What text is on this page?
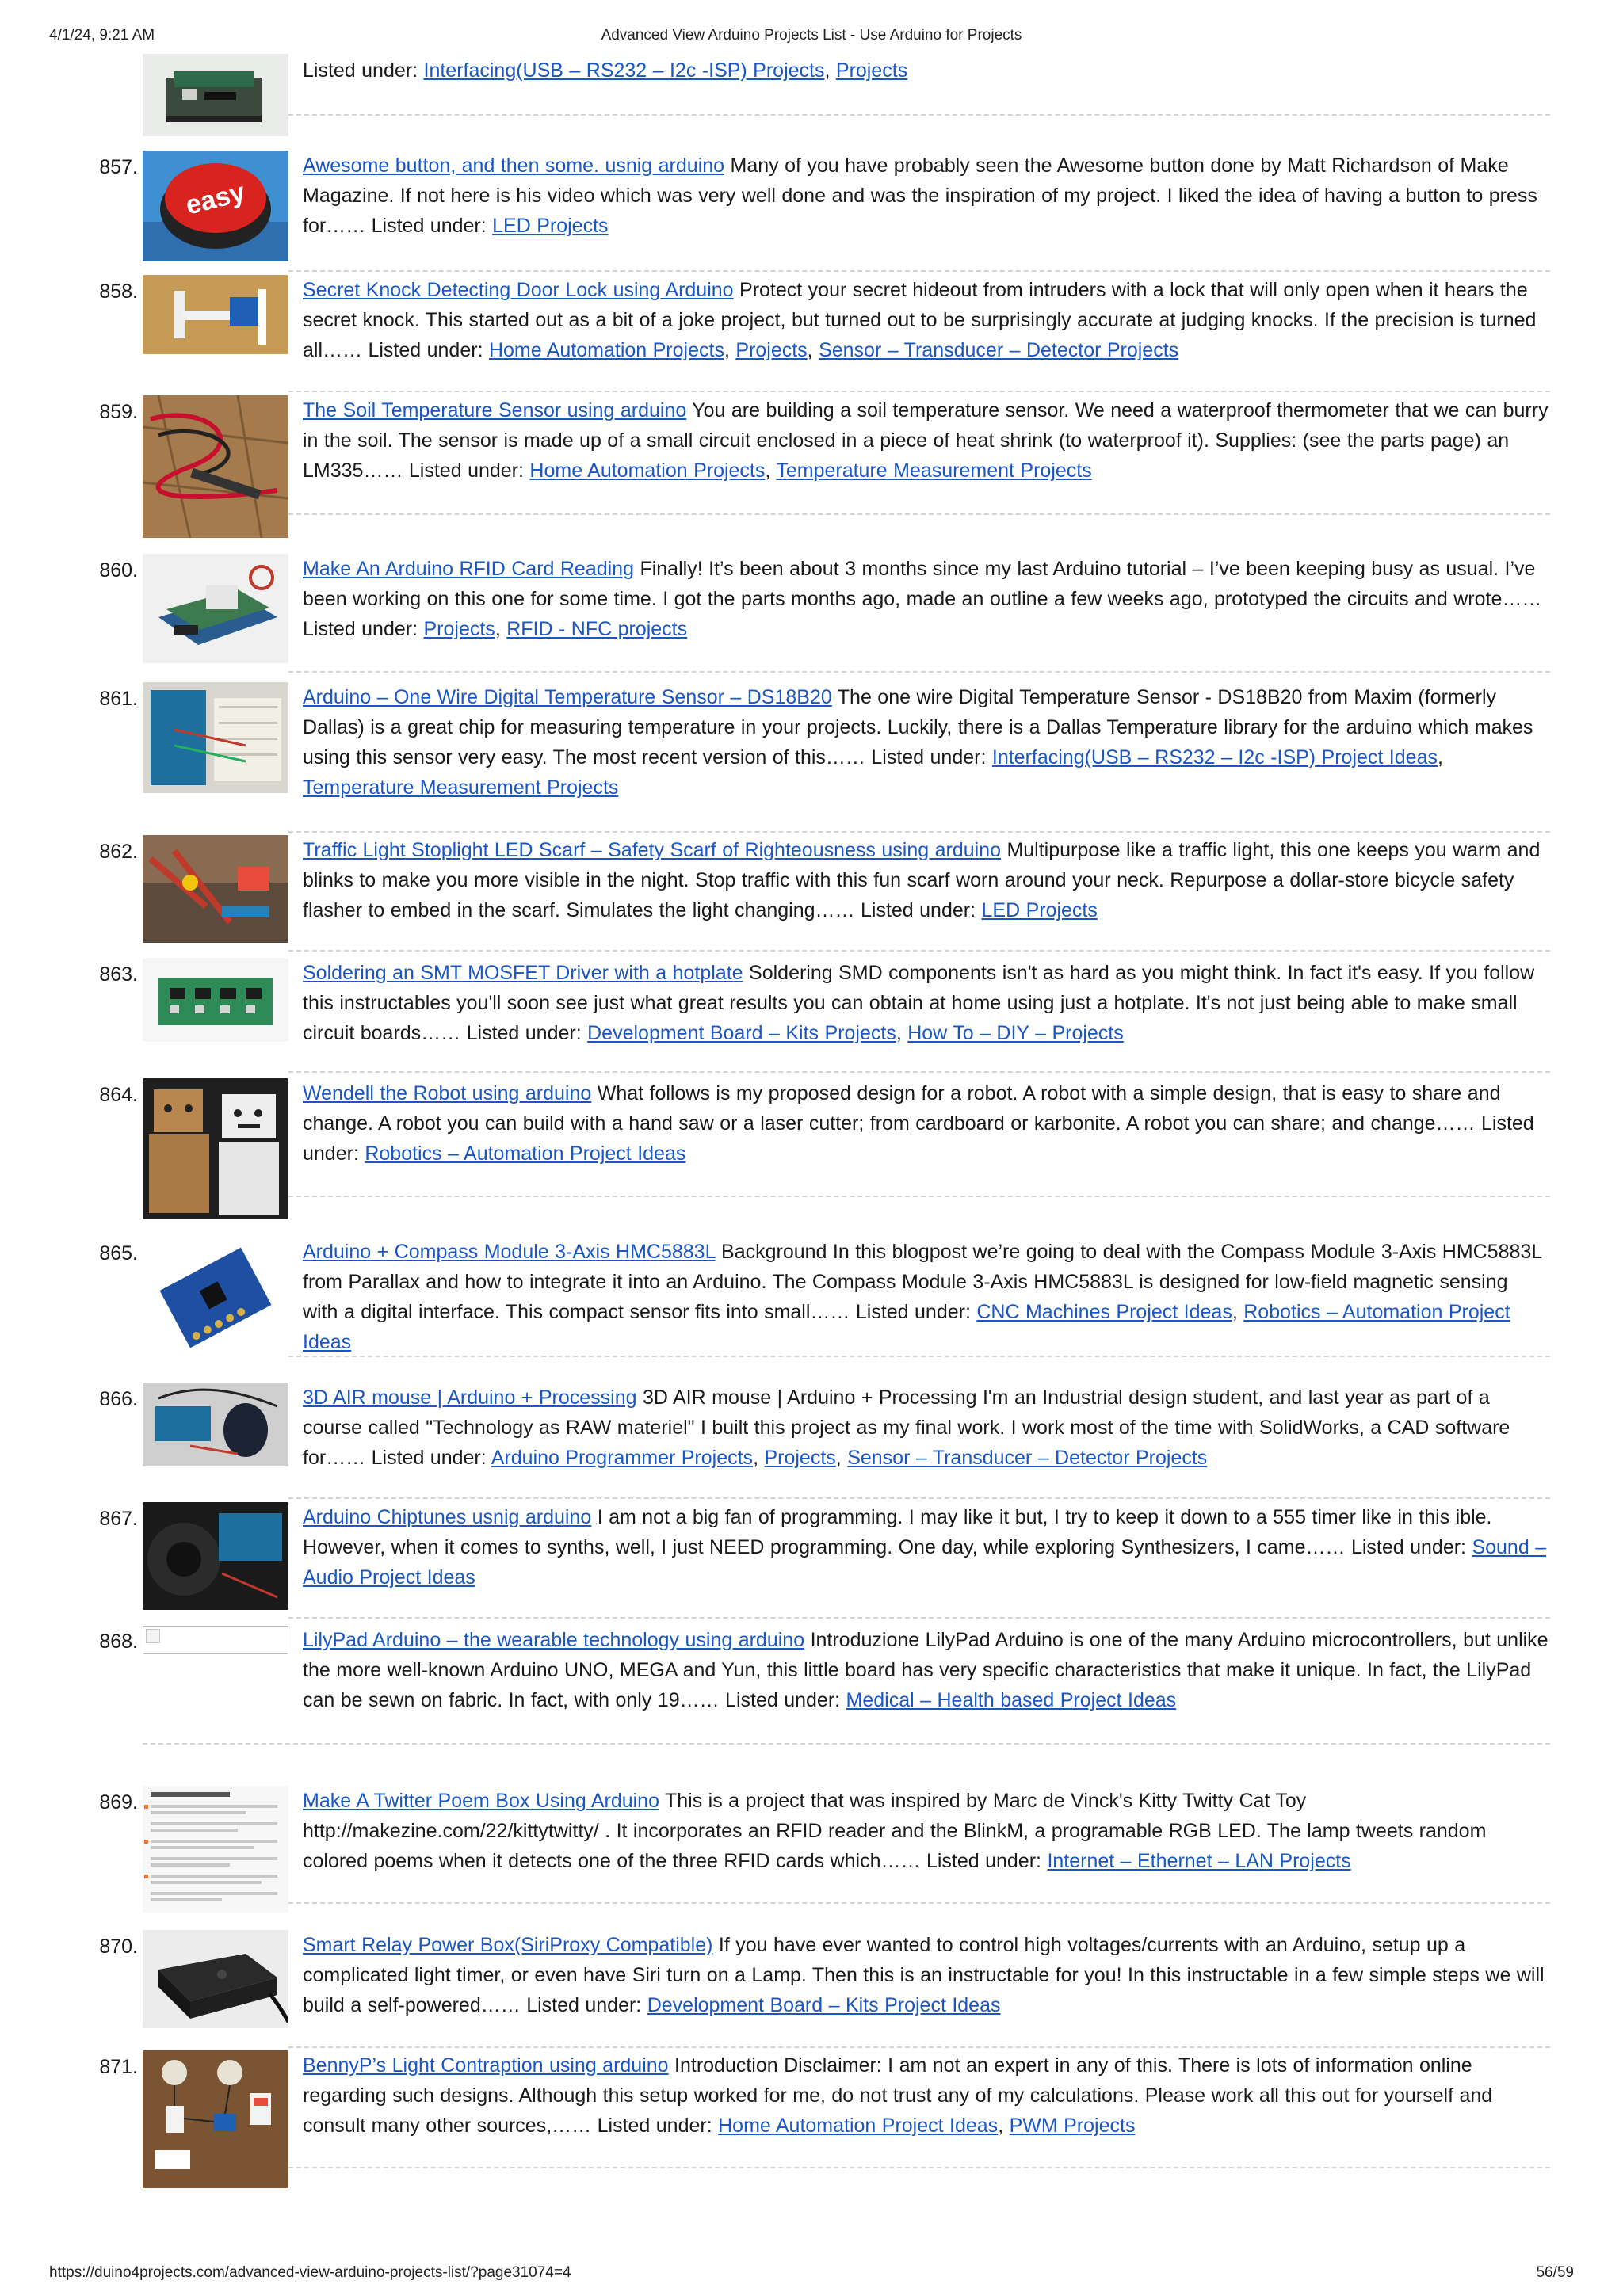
4/1/24, 9:21 AM	Advanced View Arduino Projects List - Use Arduino for Projects
Listed under: Interfacing(USB – RS232 – I2c -ISP) Projects, Projects
857.
easy
Awesome button, and then some. usnig arduino Many of you have probably seen the Awesome button done by Matt Richardson of Make Magazine. If not here is his video which was very well done and was the inspiration of my project. I liked the idea of having a button to press for…… Listed under: LED Projects
858.	Secret Knock Detecting Door Lock using Arduino Protect your secret hideout from intruders with a lock that will only open when it hears the secret knock. This started out as a bit of a joke project, but turned out to be surprisingly accurate at judging knocks. If the precision is turned all…… Listed under: Home Automation Projects, Projects, Sensor – Transducer – Detector Projects
859.	The Soil Temperature Sensor using arduino You are building a soil temperature sensor. We need a waterproof thermometer that we can burry in the soil. The sensor is made up of a small circuit enclosed in a piece of heat shrink (to waterproof it). Supplies: (see the parts page) an LM335…… Listed under: Home Automation Projects, Temperature Measurement Projects
860.	Make An Arduino RFID Card Reading Finally! It’s been about 3 months since my last Arduino tutorial – I’ve been keeping busy as usual. I’ve been working on this one for some time. I got the parts months ago, made an outline a few weeks ago, prototyped the circuits and wrote…… Listed under: Projects, RFID - NFC projects
861.	Arduino – One Wire Digital Temperature Sensor – DS18B20 The one wire Digital Temperature Sensor - DS18B20 from Maxim (formerly Dallas) is a great chip for measuring temperature in your projects. Luckily, there is a Dallas Temperature library for the arduino which makes using this sensor very easy. The most recent version of this…… Listed under: Interfacing(USB – RS232 – I2c -ISP) Project Ideas, Temperature Measurement Projects
862.	Traffic Light Stoplight LED Scarf – Safety Scarf of Righteousness using arduino Multipurpose like a traffic light, this one keeps you warm and blinks to make you more visible in the night. Stop traffic with this fun scarf worn around your neck. Repurpose a dollar-store bicycle safety flasher to embed in the scarf. Simulates the light changing…… Listed under: LED Projects
863.	Soldering an SMT MOSFET Driver with a hotplate Soldering SMD components isn't as hard as you might think. In fact it's easy. If you follow this instructables you'll soon see just what great results you can obtain at home using just a hotplate. It's not just being able to make small circuit boards…… Listed under: Development Board – Kits Projects, How To – DIY – Projects
864.	Wendell the Robot using arduino What follows is my proposed design for a robot. A robot with a simple design, that is easy to share and change. A robot you can build with a hand saw or a laser cutter; from cardboard or karbonite. A robot you can share; and change…… Listed under: Robotics – Automation Project Ideas
865.	Arduino + Compass Module 3-Axis HMC5883L Background In this blogpost we’re going to deal with the Compass Module 3-Axis HMC5883L from Parallax and how to integrate it into an Arduino. The Compass Module 3-Axis HMC5883L is designed for low-field magnetic sensing with a digital interface. This compact sensor fits into small…… Listed under: CNC Machines Project Ideas, Robotics – Automation Project Ideas
866.	3D AIR mouse | Arduino + Processing 3D AIR mouse | Arduino + Processing I'm an Industrial design student, and last year as part of a course called "Technology as RAW materiel" I built this project as my final work. I work most of the time with SolidWorks, a CAD software for…… Listed under: Arduino Programmer Projects, Projects, Sensor – Transducer – Detector Projects
867.	Arduino Chiptunes usnig arduino I am not a big fan of programming. I may like it but, I try to keep it down to a 555 timer like in this ible. However, when it comes to synths, well, I just NEED programming. One day, while exploring Synthesizers, I came…… Listed under: Sound – Audio Project Ideas
868.	LilyPad Arduino – the wearable technology using arduino Introduzione LilyPad Arduino is one of the many Arduino microcontrollers, but unlike the more well-known Arduino UNO, MEGA and Yun, this little board has very specific characteristics that make it unique. In fact, the LilyPad can be sewn on fabric. In fact, with only 19…… Listed under: Medical – Health based Project Ideas
869.	Make A Twitter Poem Box Using Arduino This is a project that was inspired by Marc de Vinck's Kitty Twitty Cat Toy http://makezine.com/22/kittytwitty/ . It incorporates an RFID reader and the BlinkM, a programable RGB LED. The lamp tweets random colored poems when it detects one of the three RFID cards which…… Listed under: Internet – Ethernet – LAN Projects
870.	Smart Relay Power Box(SiriProxy Compatible) If you have ever wanted to control high voltages/currents with an Arduino, setup up a complicated light timer, or even have Siri turn on a Lamp. Then this is an instructable for you! In this instructable in a few simple steps we will build a self-powered…… Listed under: Development Board – Kits Project Ideas
871.	BennyP’s Light Contraption using arduino Introduction Disclaimer: I am not an expert in any of this. There is lots of information online regarding such designs. Although this setup worked for me, do not trust any of my calculations. Please work all this out for yourself and consult many other sources,…… Listed under: Home Automation Project Ideas, PWM Projects
https://duino4projects.com/advanced-view-arduino-projects-list/?page31074=4	56/59
